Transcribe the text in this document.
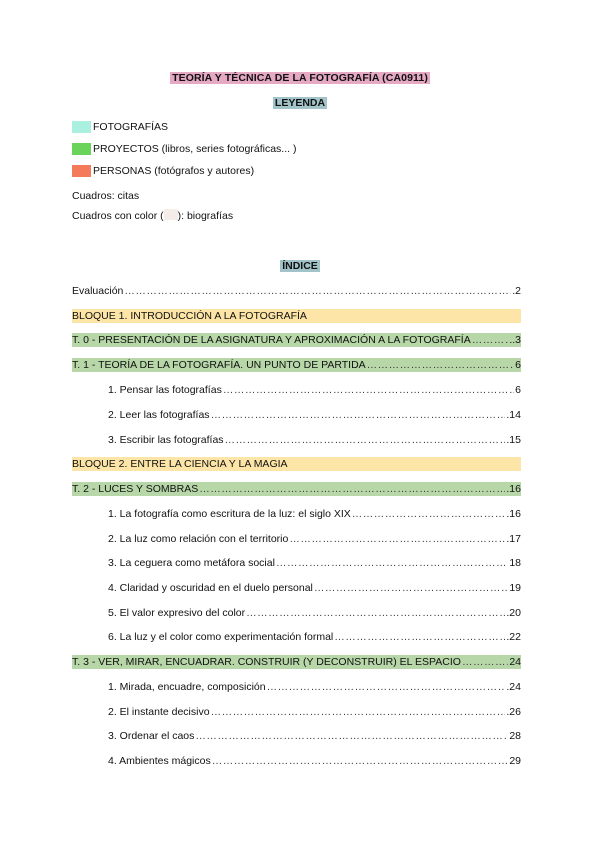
TEORÍA Y TÉCNICA DE LA FOTOGRAFÍA (CA0911)
LEYENDA
FOTOGRAFÍAS
PROYECTOS (libros, series fotográficas... )
PERSONAS (fotógrafos y autores)
Cuadros: citas
Cuadros con color ( ): biografías
ÍNDICE
Evaluación …………………………………………………………………………………………………………………………………………	.2
BLOQUE 1. INTRODUCCIÓN A LA FOTOGRAFÍA
T. 0 - PRESENTACIÓN DE LA ASIGNATURA Y APROXIMACIÓN A LA FOTOGRAFÍA …………………………………………………………………………………………………………………………………………	..3
T. 1 - TEORÍA DE LA FOTOGRAFÍA. UN PUNTO DE PARTIDA …………………………………………………………………………………………………………………………………………	6
1. Pensar las fotografías …………………………………………………………………………………………………………………………………………	6
2. Leer las fotografías …………………………………………………………………………………………………………………………………………	.14
3. Escribir las fotografías …………………………………………………………………………………………………………………………………………	.15
BLOQUE 2. ENTRE LA CIENCIA Y LA MAGIA
T. 2 - LUCES Y SOMBRAS …………………………………………………………………………………………………………………………………………	.16
1. La fotografía como escritura de la luz: el siglo XIX …………………………………………………………………………………………………………………………………………	.16
2. La luz como relación con el territorio …………………………………………………………………………………………………………………………………………	.17
3. La ceguera como metáfora social …………………………………………………………………………………………………………………………………………	18
4. Claridad y oscuridad en el duelo personal …………………………………………………………………………………………………………………………………………	19
5. El valor expresivo del color …………………………………………………………………………………………………………………………………………	.20
6. La luz y el color como experimentación formal …………………………………………………………………………………………………………………………………………	.22
T. 3 - VER, MIRAR, ENCUADRAR. CONSTRUIR (Y DECONSTRUIR) EL ESPACIO …………………………………………………………………………………………………………………………………………	24
1. Mirada, encuadre, composición …………………………………………………………………………………………………………………………………………	.24
2. El instante decisivo …………………………………………………………………………………………………………………………………………	.26
3. Ordenar el caos …………………………………………………………………………………………………………………………………………	28
4. Ambientes mágicos …………………………………………………………………………………………………………………………………………	29
